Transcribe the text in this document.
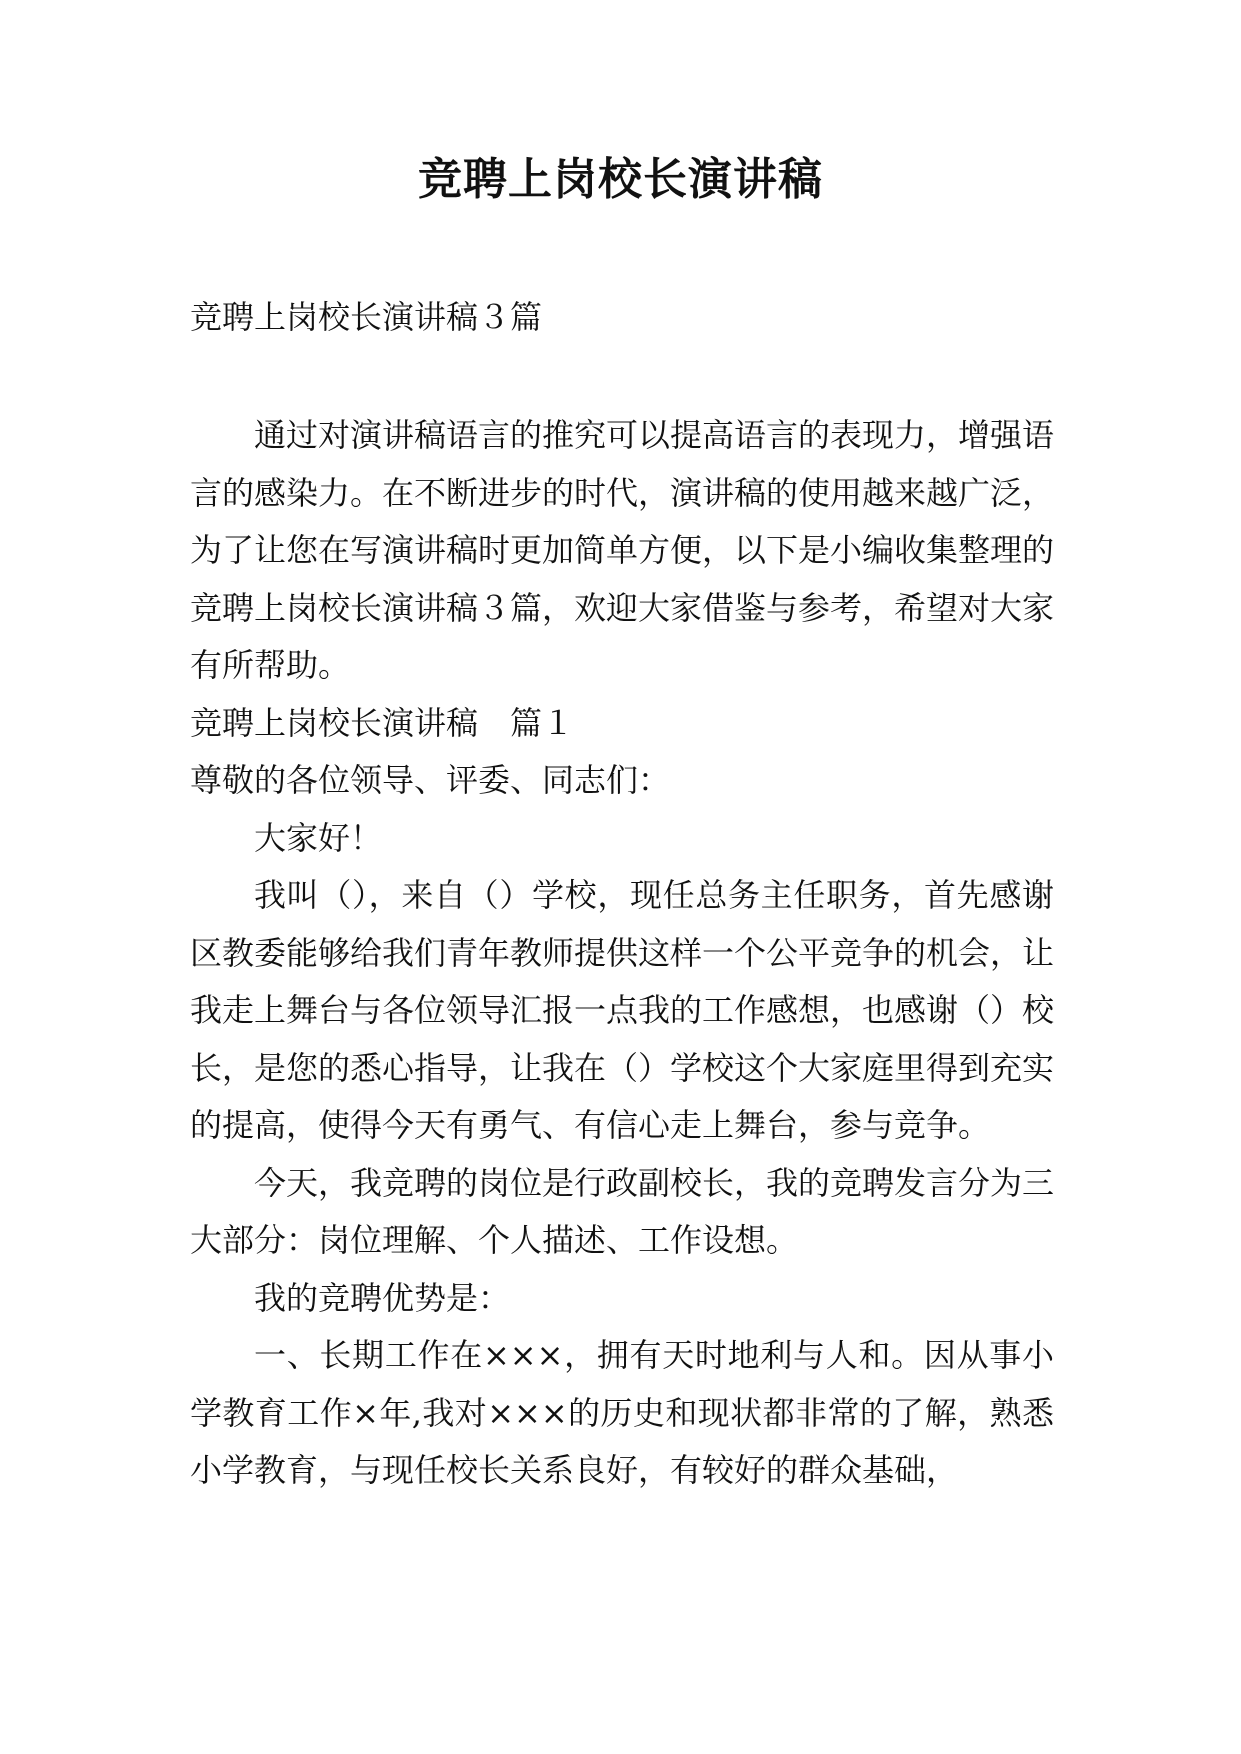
竞聘上岗校长演讲稿

竞聘上岗校长演讲稿３篇

通过对演讲稿语言的推究可以提高语言的表现力，增强语言的感染力。在不断进步的时代，演讲稿的使用越来越广泛，为了让您在写演讲稿时更加简单方便，以下是小编收集整理的竞聘上岗校长演讲稿３篇，欢迎大家借鉴与参考，希望对大家有所帮助。

竞聘上岗校长演讲稿　篇１

尊敬的各位领导、评委、同志们：

大家好！

我叫（），来自（）学校，现任总务主任职务，首先感谢区教委能够给我们青年教师提供这样一个公平竞争的机会，让我走上舞台与各位领导汇报一点我的工作感想，也感谢（）校长，是您的悉心指导，让我在（）学校这个大家庭里得到充实的提高，使得今天有勇气、有信心走上舞台，参与竞争。

今天，我竞聘的岗位是行政副校长，我的竞聘发言分为三大部分：岗位理解、个人描述、工作设想。

我的竞聘优势是：

一、长期工作在×××，拥有天时地利与人和。因从事小学教育工作×年,我对×××的历史和现状都非常的了解，熟悉小学教育，与现任校长关系良好，有较好的群众基础，
